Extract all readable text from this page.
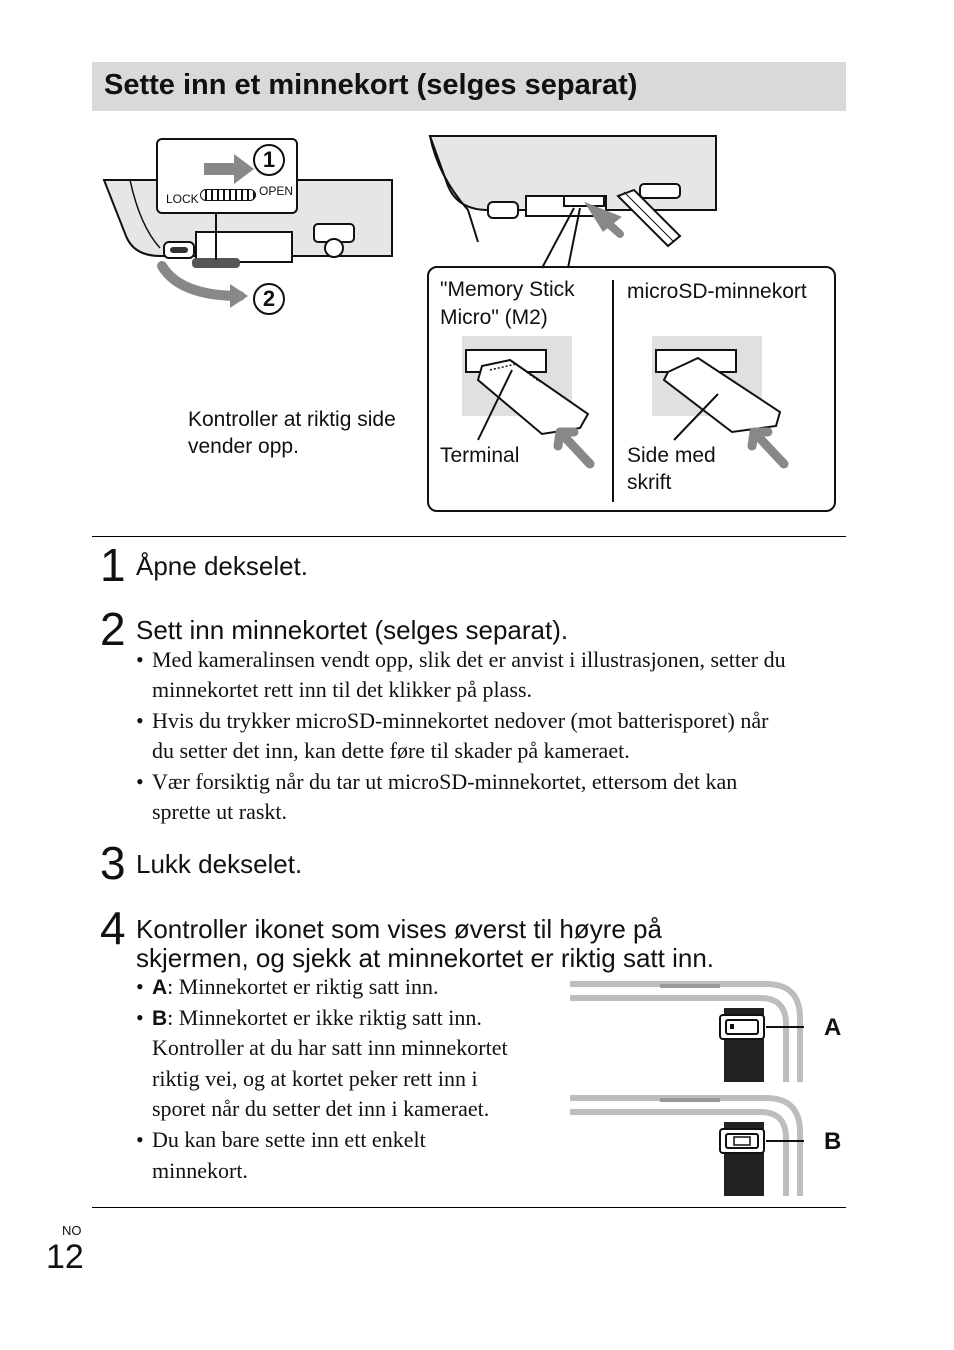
Sette inn et minnekort (selges separat)
1
LOCK
OPEN
2
Kontroller at riktig side
vender opp.
"Memory Stick
Micro" (M2)
microSD-minnekort
Terminal	Side med
skrift
1 Åpne dekselet.
2 Sett inn minnekortet (selges separat).
• Med kameralinsen vendt opp, slik det er anvist i illustrasjonen, setter du
minnekortet rett inn til det klikker på plass.
• Hvis du trykker microSD-minnekortet nedover (mot batterisporet) når
du setter det inn, kan dette føre til skader på kameraet.
• Vær forsiktig når du tar ut microSD-minnekortet, ettersom det kan
sprette ut raskt.
3 Lukk dekselet.
4 Kontroller ikonet som vises øverst til høyre på
skjermen, og sjekk at minnekortet er riktig satt inn.
• A: Minnekortet er riktig satt inn.
• B: Minnekortet er ikke riktig satt inn.
Kontroller at du har satt inn minnekortet
riktig vei, og at kortet peker rett inn i
sporet når du setter det inn i kameraet.
• Du kan bare sette inn ett enkelt
minnekort.
A
B
NO
12
